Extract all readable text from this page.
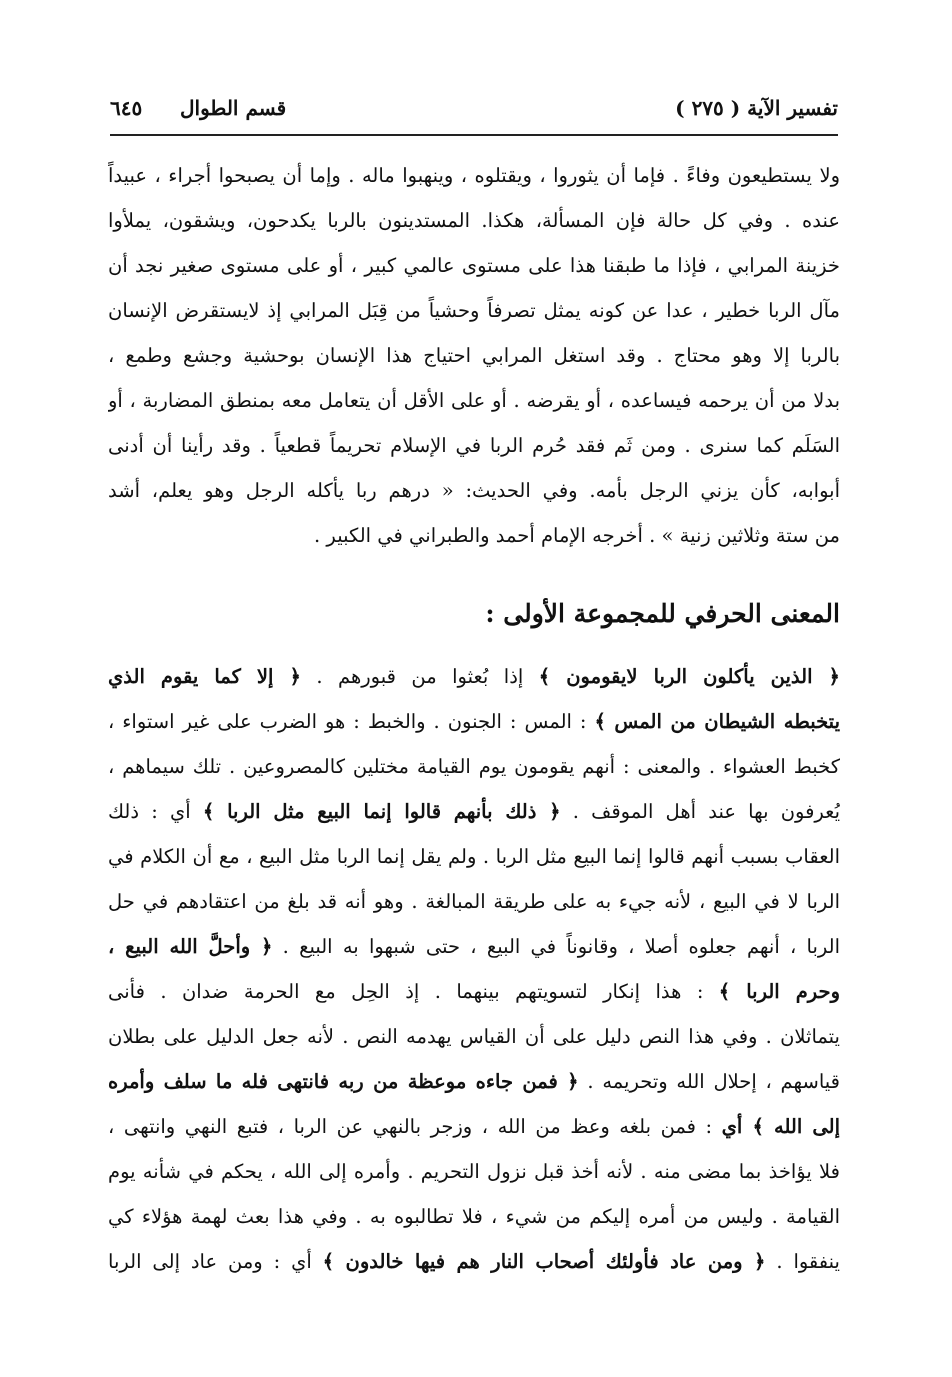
تفسير الآية ( ٢٧٥ )
قسم الطوال
٦٤٥
ولا يستطيعون وفاءً . فإما أن يثوروا ، ويقتلوه ، وينهبوا ماله . وإما أن يصبحوا أجراء ، عبيداً
عنده . وفي كل حالة فإن المسألة، هكذا. المستدينون بالربا يكدحون، ويشقون، يملأوا
خزينة المرابي ، فإذا ما طبقنا هذا على مستوى عالمي كبير ، أو على مستوى صغير نجد أن
مآل الربا خطير ، عدا عن كونه يمثل تصرفاً وحشياً من قِبَل المرابي إذ لايستقرض الإنسان
بالربا إلا وهو محتاج . وقد استغل المرابي احتياج هذا الإنسان بوحشية وجشع وطمع ،
بدلا من أن يرحمه فيساعده ، أو يقرضه . أو على الأقل أن يتعامل معه بمنطق المضاربة ، أو
السَلَم كما سنرى . ومن ثَم فقد حُرم الربا في الإسلام تحريماً قطعياً . وقد رأينا أن أدنى
أبوابه، كأن يزني الرجل بأمه. وفي الحديث: « درهم ربا يأكله الرجل وهو يعلم، أشد
من ستة وثلاثين زنية » . أخرجه الإمام أحمد والطبراني في الكبير .
المعنى الحرفي للمجموعة الأولى :
﴿ الذين يأكلون الربا لايقومون ﴾ إذا بُعثوا من قبورهم . ﴿ إلا كما يقوم الذي
يتخبطه الشيطان من المس ﴾ : المس : الجنون . والخبط : هو الضرب على غير استواء ،
كخبط العشواء . والمعنى : أنهم يقومون يوم القيامة مختلين كالمصروعين . تلك سيماهم ،
يُعرفون بها عند أهل الموقف . ﴿ ذلك بأنهم قالوا إنما البيع مثل الربا ﴾ أي : ذلك
العقاب بسبب أنهم قالوا إنما البيع مثل الربا . ولم يقل إنما الربا مثل البيع ، مع أن الكلام في
الربا لا في البيع ، لأنه جيء به على طريقة المبالغة . وهو أنه قد بلغ من اعتقادهم في حل
الربا ، أنهم جعلوه أصلا ، وقانوناً في البيع ، حتى شبهوا به البيع . ﴿ وأحلَّ الله البيع ،
وحرم الربا ﴾ : هذا إنكار لتسويتهم بينهما . إذ الحِل مع الحرمة ضدان . فأنى
يتماثلان . وفي هذا النص دليل على أن القياس يهدمه النص . لأنه جعل الدليل على بطلان
قياسهم ، إحلال الله وتحريمه . ﴿ فمن جاءه موعظة من ربه فانتهى فله ما سلف وأمره
إلى الله ﴾ أي : فمن بلغه وعظ من الله ، وزجر بالنهي عن الربا ، فتبع النهي وانتهى ،
فلا يؤاخذ بما مضى منه . لأنه أخذ قبل نزول التحريم . وأمره إلى الله ، يحكم في شأنه يوم
القيامة . وليس من أمره إليكم من شيء ، فلا تطالبوه به . وفي هذا بعث لهمة هؤلاء كي
ينفقوا . ﴿ ومن عاد فأولئك أصحاب النار هم فيها خالدون ﴾ أي : ومن عاد إلى الربا
